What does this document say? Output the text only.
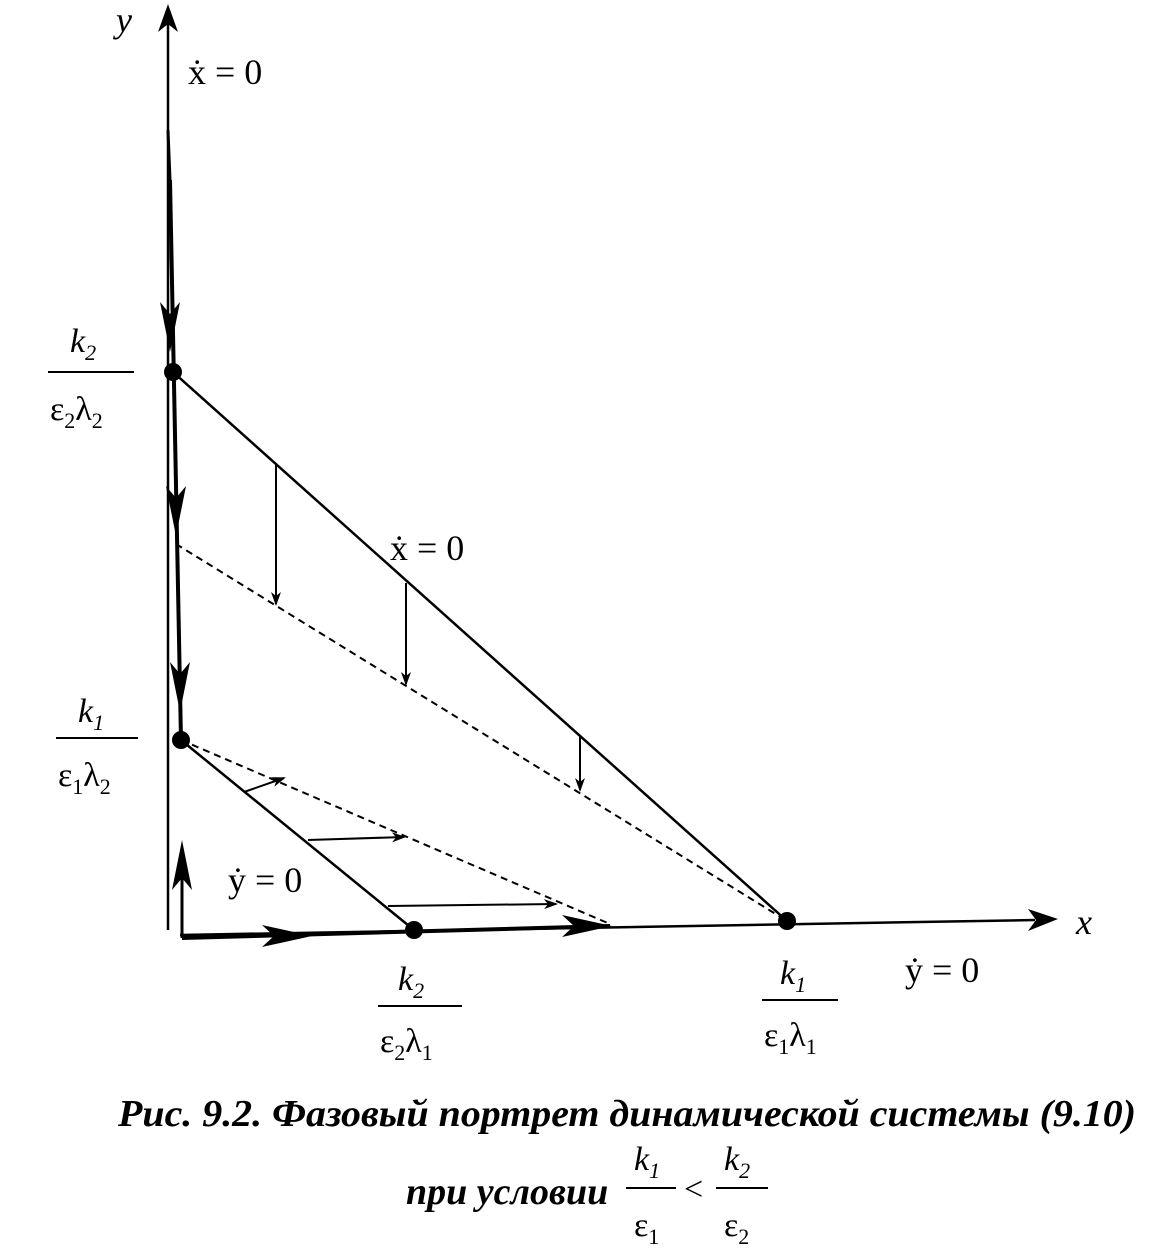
y
x
ẋ = 0
ẋ = 0
ẏ = 0
ẏ = 0
$k_2$
$\varepsilon_2\lambda_2$
$k_1$
$\varepsilon_1\lambda_2$
$k_2$
$\varepsilon_2\lambda_1$
$k_1$
$\varepsilon_1\lambda_1$
Рис. 9.2. Фазовый портрет динамической системы (9.10)
при условии
$k_1$
$\varepsilon_1$
<
$k_2$
$\varepsilon_2$
